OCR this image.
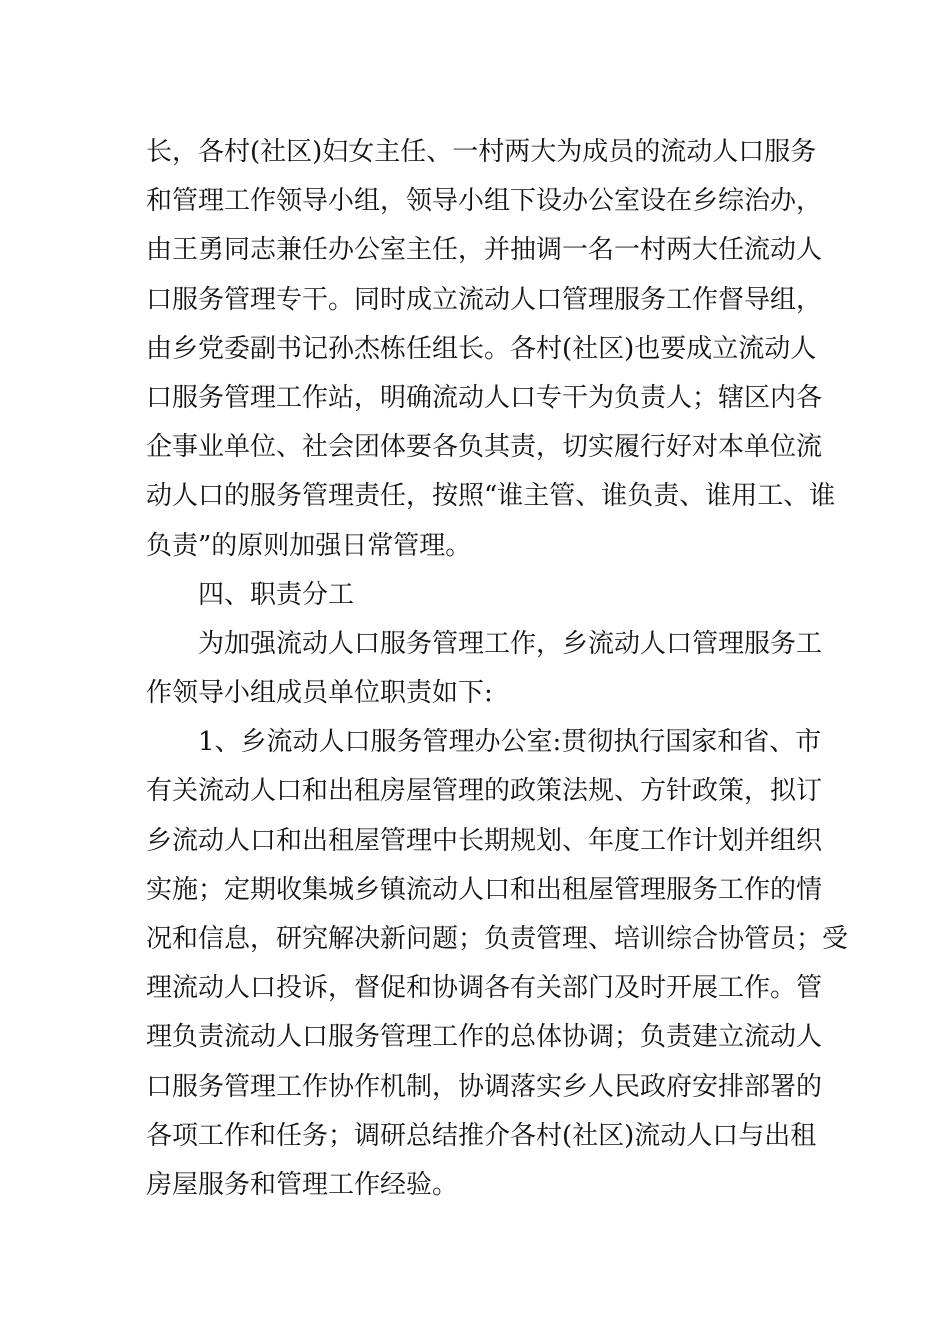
长，各村(社区)妇女主任、一村两大为成员的流动人口服务
和管理工作领导小组，领导小组下设办公室设在乡综治办，
由王勇同志兼任办公室主任，并抽调一名一村两大任流动人
口服务管理专干。同时成立流动人口管理服务工作督导组，
由乡党委副书记孙杰栋任组长。各村(社区)也要成立流动人
口服务管理工作站，明确流动人口专干为负责人；辖区内各
企事业单位、社会团体要各负其责，切实履行好对本单位流
动人口的服务管理责任，按照“谁主管、谁负责、谁用工、谁
负责”的原则加强日常管理。
四、职责分工
为加强流动人口服务管理工作，乡流动人口管理服务工
作领导小组成员单位职责如下:
1、乡流动人口服务管理办公室:贯彻执行国家和省、市
有关流动人口和出租房屋管理的政策法规、方针政策，拟订
乡流动人口和出租屋管理中长期规划、年度工作计划并组织
实施；定期收集城乡镇流动人口和出租屋管理服务工作的情
况和信息，研究解决新问题；负责管理、培训综合协管员；受
理流动人口投诉，督促和协调各有关部门及时开展工作。管
理负责流动人口服务管理工作的总体协调；负责建立流动人
口服务管理工作协作机制，协调落实乡人民政府安排部署的
各项工作和任务；调研总结推介各村(社区)流动人口与出租
房屋服务和管理工作经验。
